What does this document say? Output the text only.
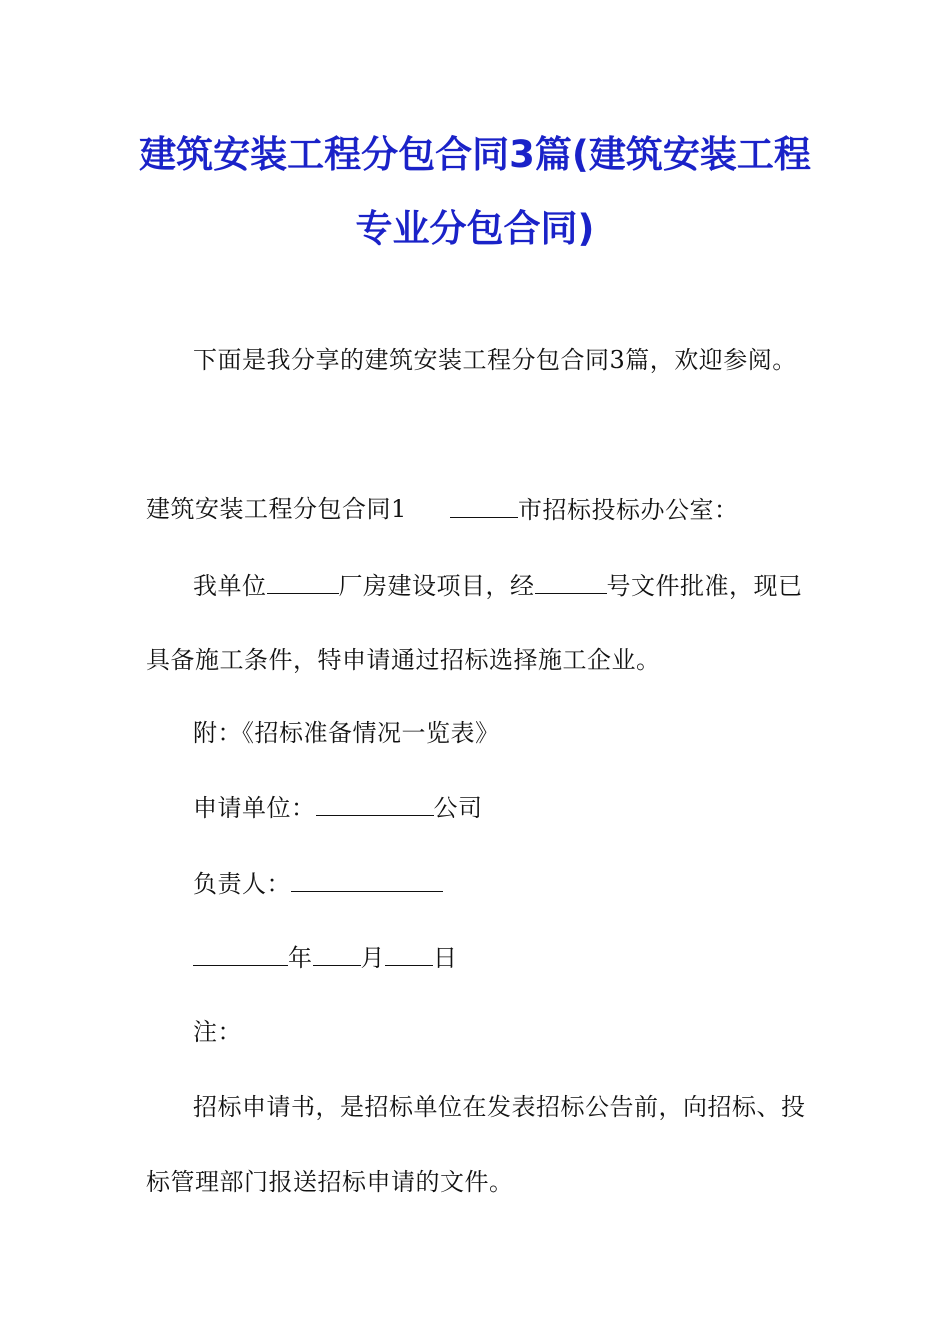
建筑安装工程分包合同3篇(建筑安装工程
专业分包合同)
下面是我分享的建筑安装工程分包合同3篇，欢迎参阅。
建筑安装工程分包合同1	市招标投标办公室：
我单位	厂房建设项目，经	号文件批准，现已
具备施工条件，特申请通过招标选择施工企业。
附：《招标准备情况一览表》
申请单位：	公司
负责人：
年 月 日
注：
招标申请书，是招标单位在发表招标公告前，向招标、投
标管理部门报送招标申请的文件。
